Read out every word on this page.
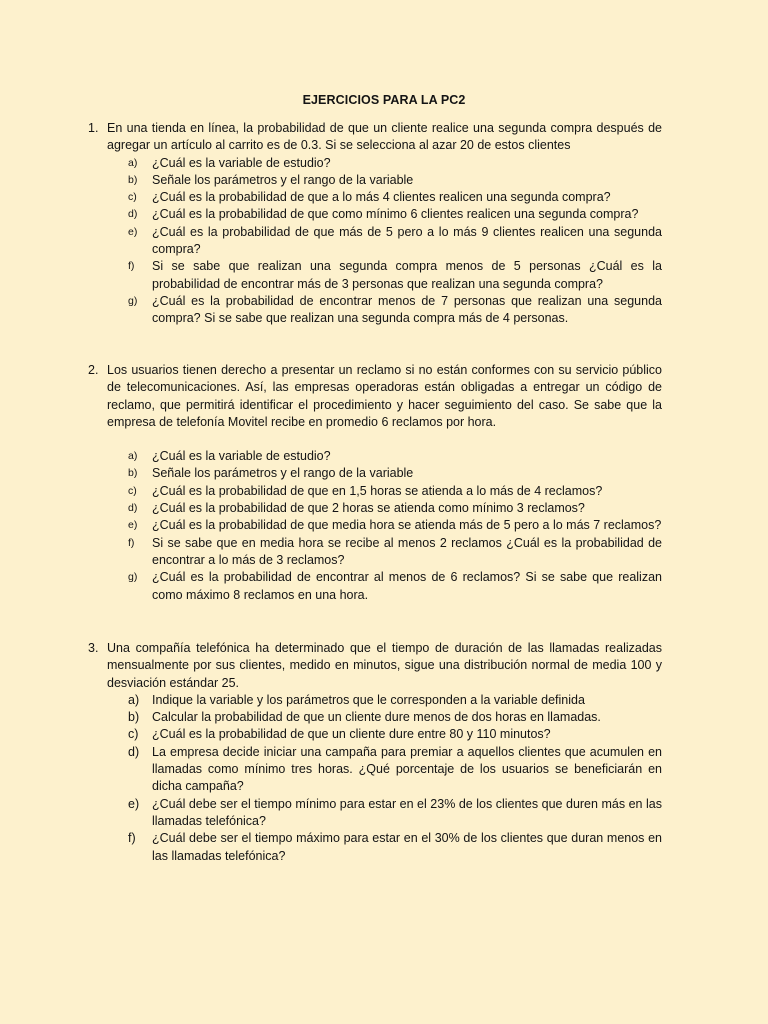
EJERCICIOS PARA LA PC2
1. En una tienda en línea, la probabilidad de que un cliente realice una segunda compra después de agregar un artículo al carrito es de 0.3. Si se selecciona al azar 20 de estos clientes
a)	¿Cuál es la variable de estudio?
b)	Señale los parámetros y el rango de la variable
c)	¿Cuál es la probabilidad de que a lo más 4 clientes realicen una segunda compra?
d)	¿Cuál es la probabilidad de que como mínimo 6 clientes realicen una segunda compra?
e)	¿Cuál es la probabilidad de que más de 5 pero a lo más 9 clientes realicen una segunda compra?
f)	Si se sabe que realizan una segunda compra menos de 5 personas ¿Cuál es la probabilidad de encontrar más de 3 personas que realizan una segunda compra?
g)	¿Cuál es la probabilidad de encontrar menos de 7 personas que realizan una segunda compra? Si se sabe que realizan una segunda compra más de 4 personas.
2. Los usuarios tienen derecho a presentar un reclamo si no están conformes con su servicio público de telecomunicaciones. Así, las empresas operadoras están obligadas a entregar un código de reclamo, que permitirá identificar el procedimiento y hacer seguimiento del caso. Se sabe que la empresa de telefonía Movitel recibe en promedio 6 reclamos por hora.
a)	¿Cuál es la variable de estudio?
b)	Señale los parámetros y el rango de la variable
c)	¿Cuál es la probabilidad de que en 1,5 horas se atienda a lo más de 4 reclamos?
d)	¿Cuál es la probabilidad de que 2 horas se atienda como mínimo 3 reclamos?
e)	¿Cuál es la probabilidad de que media hora se atienda más de 5 pero a lo más 7 reclamos?
f)	Si se sabe que en media hora se recibe al menos 2 reclamos ¿Cuál es la probabilidad de encontrar a lo más de 3 reclamos?
g)	¿Cuál es la probabilidad de encontrar al menos de 6 reclamos? Si se sabe que realizan como máximo 8 reclamos en una hora.
3. Una compañía telefónica ha determinado que el tiempo de duración de las llamadas realizadas mensualmente por sus clientes, medido en minutos, sigue una distribución normal de media 100 y desviación estándar 25.
a)	Indique la variable y los parámetros que le corresponden a la variable definida
b)	Calcular la probabilidad de que un cliente dure menos de dos horas en llamadas.
c)	¿Cuál es la probabilidad de que un cliente dure entre 80 y 110 minutos?
d)	La empresa decide iniciar una campaña para premiar a aquellos clientes que acumulen en llamadas como mínimo tres horas. ¿Qué porcentaje de los usuarios se beneficiarán en dicha campaña?
e)	¿Cuál debe ser el tiempo mínimo para estar en el 23% de los clientes que duren más en las llamadas telefónica?
f)	¿Cuál debe ser el tiempo máximo para estar en el 30% de los clientes que duran menos en las llamadas telefónica?
